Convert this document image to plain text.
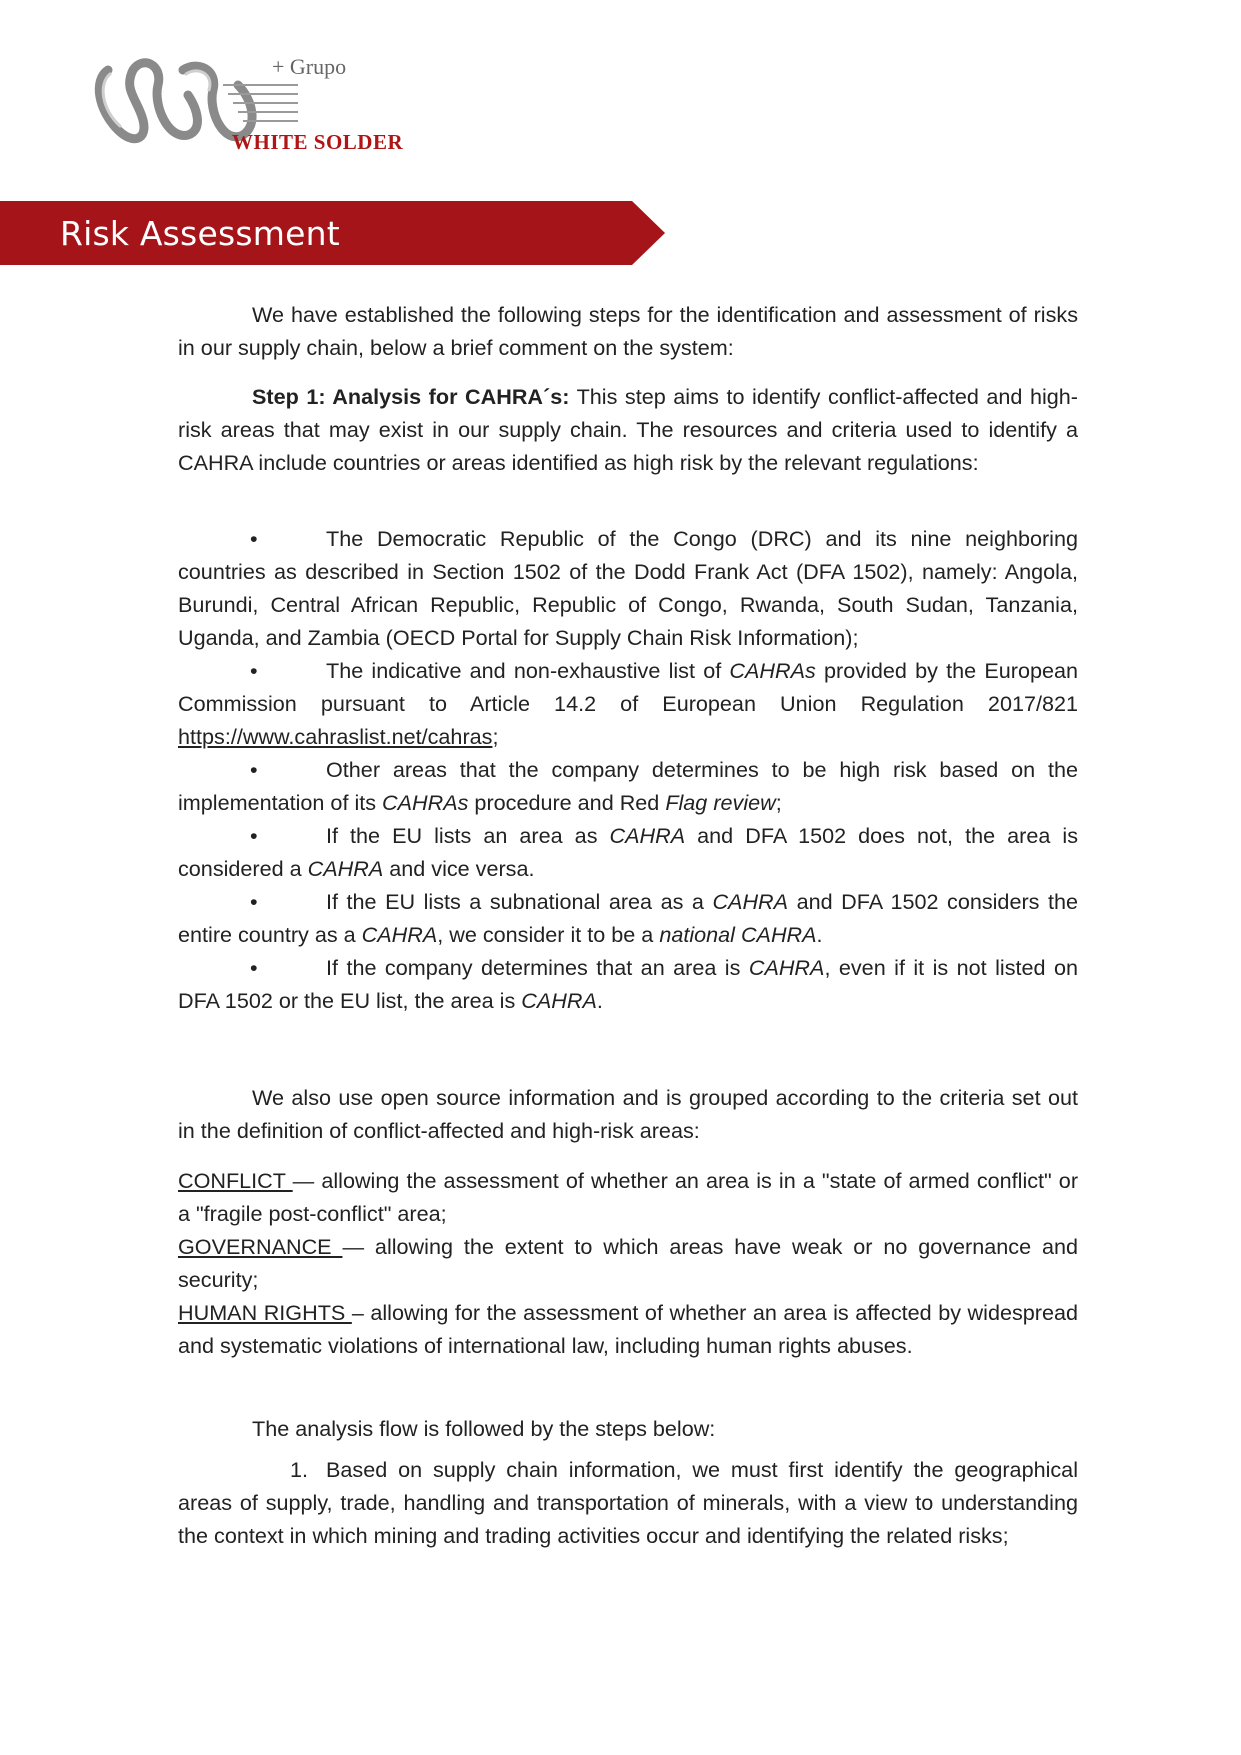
+ Grupo
WHITE SOLDER
Risk Assessment

We have established the following steps for the identification and assessment of risks in our supply chain, below a brief comment on the system:

Step 1: Analysis for CAHRA´s: This step aims to identify conflict-affected and high-risk areas that may exist in our supply chain. The resources and criteria used to identify a CAHRA include countries or areas identified as high risk by the relevant regulations:

•	The Democratic Republic of the Congo (DRC) and its nine neighboring countries as described in Section 1502 of the Dodd Frank Act (DFA 1502), namely: Angola, Burundi, Central African Republic, Republic of Congo, Rwanda, South Sudan, Tanzania, Uganda, and Zambia (OECD Portal for Supply Chain Risk Information);

•	The indicative and non-exhaustive list of CAHRAs provided by the European Commission pursuant to Article 14.2 of European Union Regulation 2017/821 https://www.cahraslist.net/cahras;

•	Other areas that the company determines to be high risk based on the implementation of its CAHRAs procedure and Red Flag review;

•	If the EU lists an area as CAHRA and DFA 1502 does not, the area is considered a CAHRA and vice versa.

•	If the EU lists a subnational area as a CAHRA and DFA 1502 considers the entire country as a CAHRA, we consider it to be a national CAHRA.

•	If the company determines that an area is CAHRA, even if it is not listed on DFA 1502 or the EU list, the area is CAHRA.

We also use open source information and is grouped according to the criteria set out in the definition of conflict-affected and high-risk areas:

CONFLICT — allowing the assessment of whether an area is in a "state of armed conflict" or a "fragile post-conflict" area;

GOVERNANCE — allowing the extent to which areas have weak or no governance and security;

HUMAN RIGHTS – allowing for the assessment of whether an area is affected by widespread and systematic violations of international law, including human rights abuses.

The analysis flow is followed by the steps below:

1. Based on supply chain information, we must first identify the geographical areas of supply, trade, handling and transportation of minerals, with a view to understanding the context in which mining and trading activities occur and identifying the related risks;
